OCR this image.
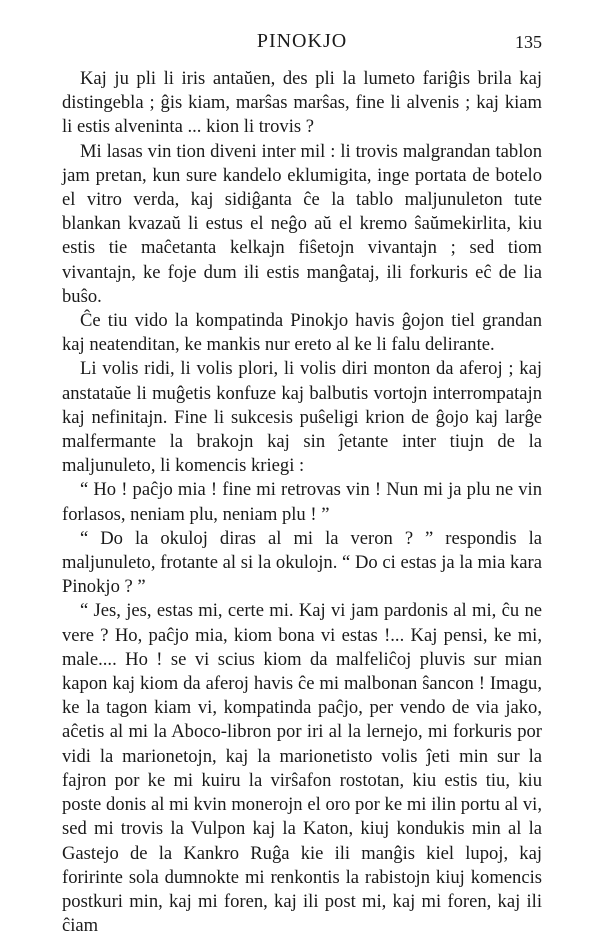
PINOKJO	135

Kaj ju pli li iris antaŭen, des pli la lumeto fariĝis brila kaj distingebla ; ĝis kiam, marŝas marŝas, fine li alvenis ; kaj kiam li estis alveninta ... kion li trovis ?

Mi lasas vin tion diveni inter mil : li trovis malgrandan tablon jam pretan, kun sure kandelo eklumigita, inge portata de botelo el vitro verda, kaj sidiĝanta ĉe la tablo maljunuleton tute blankan kvazaŭ li estus el neĝo aŭ el kremo ŝaŭmekirlita, kiu estis tie maĉetanta kelkajn fiŝetojn vivantajn ; sed tiom vivantajn, ke foje dum ili estis manĝataj, ili forkuris eĉ de lia buŝo.

Ĉe tiu vido la kompatinda Pinokjo havis ĝojon tiel grandan kaj neatenditan, ke mankis nur ereto al ke li falu delirante.

Li volis ridi, li volis plori, li volis diri monton da aferoj ; kaj anstataŭe li muĝetis konfuze kaj balbutis vortojn interrompatajn kaj nefinitajn. Fine li sukcesis puŝeligi krion de ĝojo kaj larĝe malfermante la brakojn kaj sin ĵetante inter tiujn de la maljunuleto, li komencis kriegi :

“ Ho ! paĉjo mia ! fine mi retrovas vin ! Nun mi ja plu ne vin forlasos, neniam plu, neniam plu ! ”

“ Do la okuloj diras al mi la veron ? ” respondis la maljunuleto, frotante al si la okulojn. “ Do ci estas ja la mia kara Pinokjo ? ”

“ Jes, jes, estas mi, certe mi. Kaj vi jam pardonis al mi, ĉu ne vere ? Ho, paĉjo mia, kiom bona vi estas !... Kaj pensi, ke mi, male.... Ho ! se vi scius kiom da malfeliĉoj pluvis sur mian kapon kaj kiom da aferoj havis ĉe mi malbonan ŝancon ! Imagu, ke la tagon kiam vi, kompatinda paĉjo, per vendo de via jako, aĉetis al mi la Aboco-libron por iri al la lernejo, mi forkuris por vidi la marionetojn, kaj la marionetisto volis ĵeti min sur la fajron por ke mi kuiru la virŝafon rostotan, kiu estis tiu, kiu poste donis al mi kvin monerojn el oro por ke mi ilin portu al vi, sed mi trovis la Vulpon kaj la Katon, kiuj kondukis min al la Gastejo de la Kankro Ruĝa kie ili manĝis kiel lupoj, kaj foririnte sola dumnokte mi renkontis la rabistojn kiuj komencis postkuri min, kaj mi foren, kaj ili post mi, kaj mi foren, kaj ili ĉiam
